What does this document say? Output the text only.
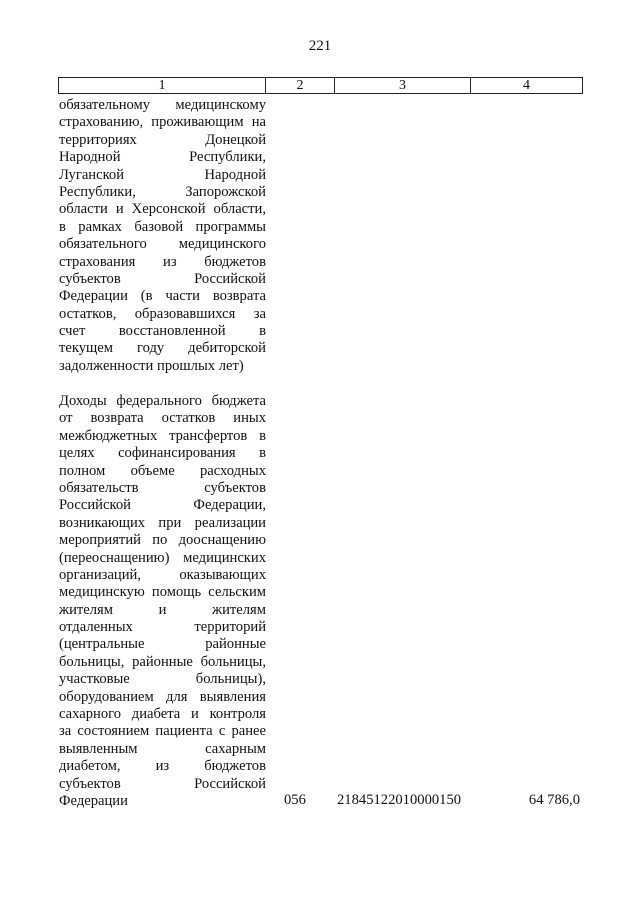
221
1	2	3	4
обязательному медицинскому
страхованию, проживающим на
территориях Донецкой
Народной Республики,
Луганской Народной
Республики, Запорожской
области и Херсонской области,
в рамках базовой программы
обязательного медицинского
страхования из бюджетов
субъектов Российской
Федерации (в части возврата
остатков, образовавшихся за
счет восстановленной в
текущем году дебиторской
задолженности прошлых лет)
Доходы федерального бюджета
от возврата остатков иных
межбюджетных трансфертов в
целях софинансирования в
полном объеме расходных
обязательств субъектов
Российской Федерации,
возникающих при реализации
мероприятий по дооснащению
(переоснащению) медицинских
организаций, оказывающих
медицинскую помощь сельским
жителям и жителям
отдаленных территорий
(центральные районные
больницы, районные больницы,
участковые больницы),
оборудованием для выявления
сахарного диабета и контроля
за состоянием пациента с ранее
выявленным сахарным
диабетом, из бюджетов
субъектов Российской
Федерации	056	21845122010000150	64 786,0
